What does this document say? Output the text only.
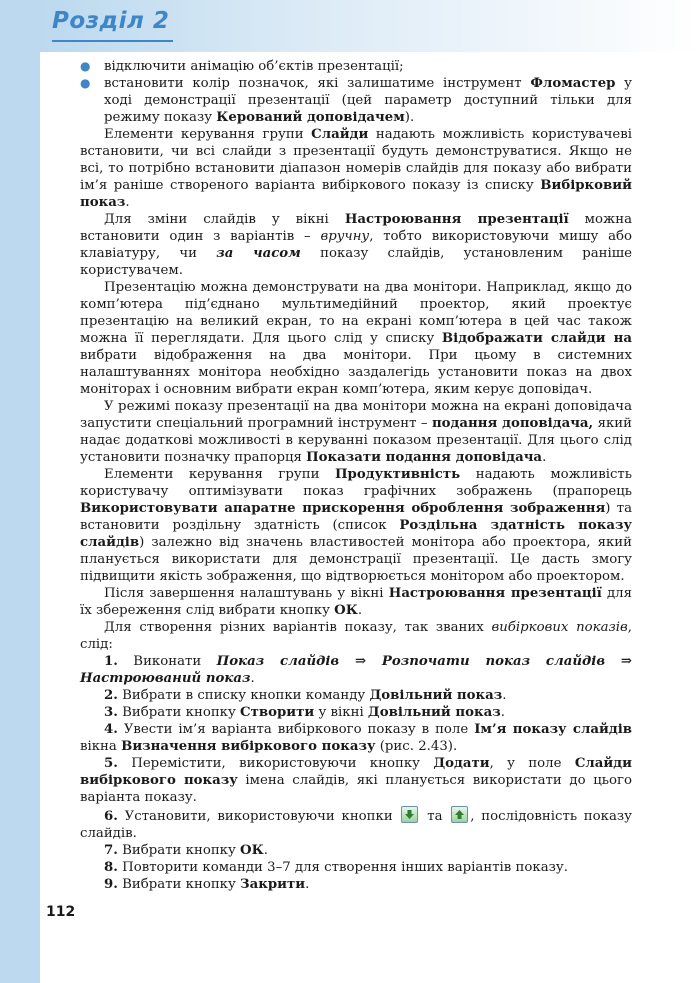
Розділ 2
●	відключити анімацію об’єктів презентації;
●	встановити колір позначок, які залишатиме інструмент Фломастер у ході демонстрації презентації (цей параметр доступний тільки для режиму показу Керований доповідачем).

Елементи керування групи Слайди надають можливість користувачеві встановити, чи всі слайди з презентації будуть демонструватися. Якщо не всі, то потрібно встановити діапазон номерів слайдів для показу або вибрати ім’я раніше створеного варіанта вибіркового показу із списку Вибірковий показ.

Для зміни слайдів у вікні Настроювання презентації можна встановити один з варіантів – вручну, тобто використовуючи мишу або клавіатуру, чи за часом показу слайдів, установленим раніше користувачем.

Презентацію можна демонструвати на два монітори. Наприклад, якщо до комп’ютера під’єднано мультимедійний проектор, який проектує презентацію на великий екран, то на екрані комп’ютера в цей час також можна її переглядати. Для цього слід у списку Відображати слайди на вибрати відображення на два монітори. При цьому в системних налаштуваннях монітора необхідно заздалегідь установити показ на двох моніторах і основним вибрати екран комп’ютера, яким керує доповідач.

У режимі показу презентації на два монітори можна на екрані доповідача запустити спеціальний програмний інструмент – подання доповідача, який надає додаткові можливості в керуванні показом презентації. Для цього слід установити позначку прапорця Показати подання доповідача.

Елементи керування групи Продуктивність надають можливість користувачу оптимізувати показ графічних зображень (прапорець Використовувати апаратне прискорення оброблення зображення) та встановити роздільну здатність (список Роздільна здатність показу слайдів) залежно від значень властивостей монітора або проектора, який планується використати для демонстрації презентації. Це дасть змогу підвищити якість зображення, що відтворюється монітором або проектором.

Після завершення налаштувань у вікні Настроювання презентації для їх збереження слід вибрати кнопку ОК.

Для створення різних варіантів показу, так званих вибіркових показів, слід:

1. Виконати Показ слайдів ⇒ Розпочати показ слайдів ⇒ Настроюваний показ.

2. Вибрати в списку кнопки команду Довільний показ.

3. Вибрати кнопку Створити у вікні Довільний показ.

4. Увести ім’я варіанта вибіркового показу в поле Ім’я показу слайдів вікна Визначення вибіркового показу (рис. 2.43).

5. Перемістити, використовуючи кнопку Додати, у поле Слайди вибіркового показу імена слайдів, які планується використати до цього варіанта показу.

6. Установити, використовуючи кнопки
та
, послідовність показу слайдів.

7. Вибрати кнопку ОК.

8. Повторити команди 3–7 для створення інших варіантів показу.

9. Вибрати кнопку Закрити.

112
